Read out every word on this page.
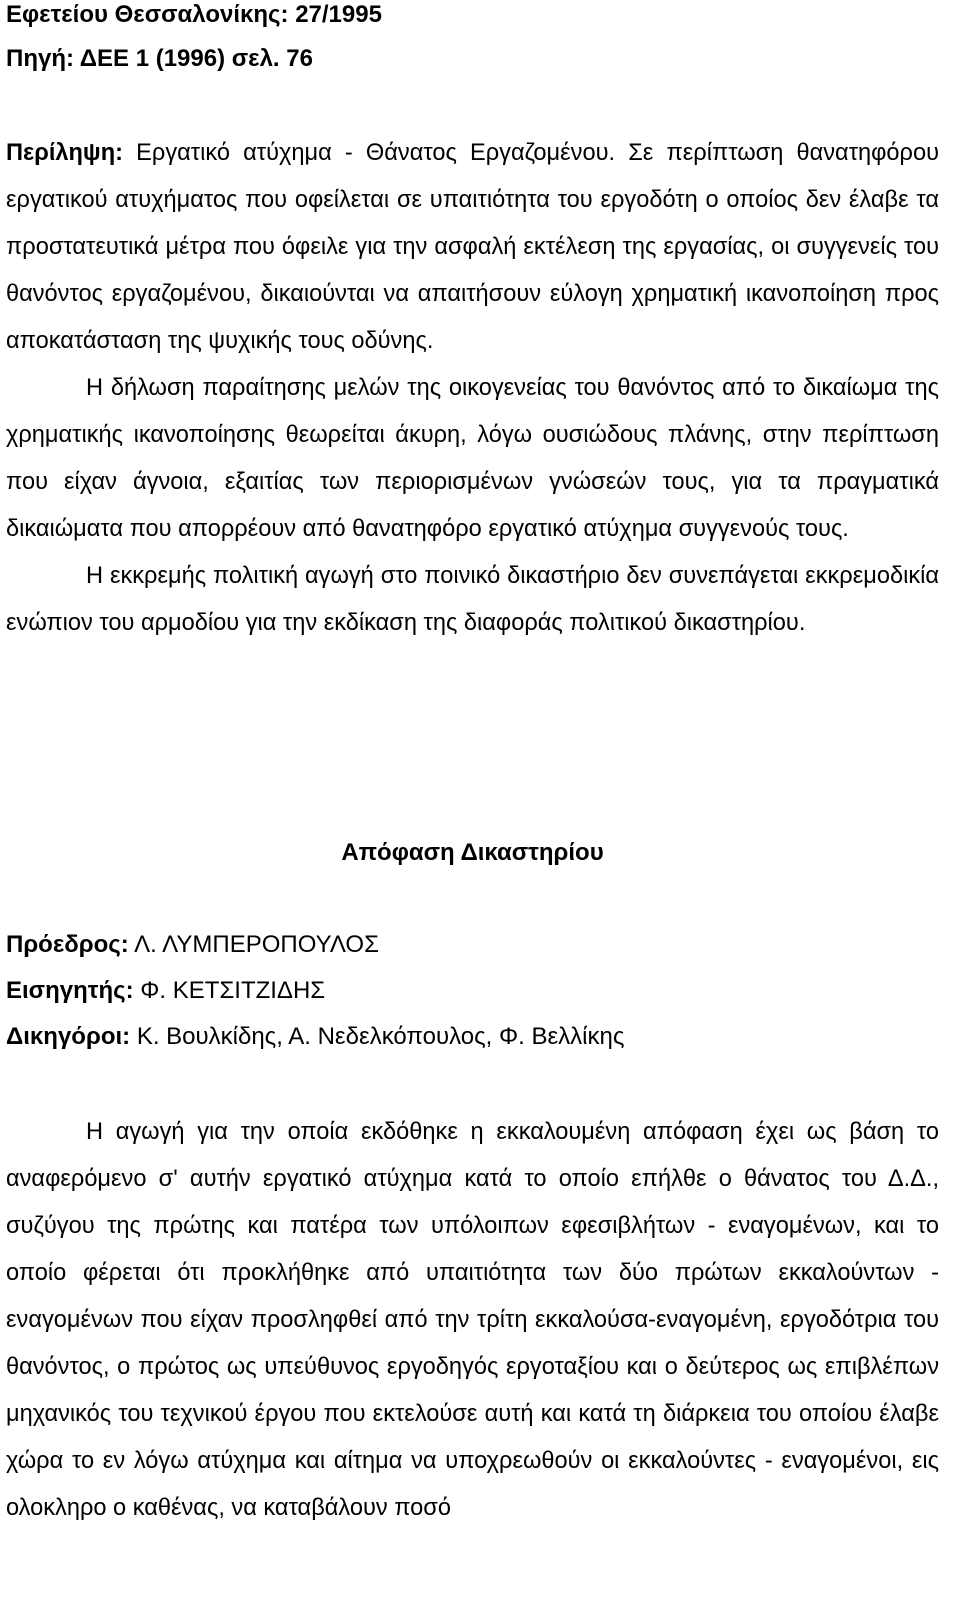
Εφετείου Θεσσαλονίκης: 27/1995
Πηγή: ΔΕΕ 1 (1996) σελ. 76

Περίληψη: Εργατικό ατύχημα - Θάνατος Εργαζομένου. Σε περίπτωση θανατηφόρου εργατικού ατυχήματος που οφείλεται σε υπαιτιότητα του εργοδότη ο οποίος δεν έλαβε τα προστατευτικά μέτρα που όφειλε για την ασφαλή εκτέλεση της εργασίας, οι συγγενείς του θανόντος εργαζομένου, δικαιούνται να απαιτήσουν εύλογη χρηματική ικανοποίηση προς αποκατάσταση της ψυχικής τους οδύνης.

Η δήλωση παραίτησης μελών της οικογενείας του θανόντος από το δικαίωμα της χρηματικής ικανοποίησης θεωρείται άκυρη, λόγω ουσιώδους πλάνης, στην περίπτωση που είχαν άγνοια, εξαιτίας των περιορισμένων γνώσεών τους, για τα πραγματικά δικαιώματα που απορρέουν από θανατηφόρο εργατικό ατύχημα συγγενούς τους.

Η εκκρεμής πολιτική αγωγή στο ποινικό δικαστήριο δεν συνεπάγεται εκκρεμοδικία ενώπιον του αρμοδίου για την εκδίκαση της διαφοράς πολιτικού δικαστηρίου.

Απόφαση Δικαστηρίου
Πρόεδρος: Λ. ΛΥΜΠΕΡΟΠΟΥΛΟΣ
Εισηγητής: Φ. ΚΕΤΣΙΤΖΙΔΗΣ
Δικηγόροι: Κ. Βουλκίδης, Α. Νεδελκόπουλος, Φ. Βελλίκης

Η αγωγή για την οποία εκδόθηκε η εκκαλουμένη απόφαση έχει ως βάση το αναφερόμενο σ' αυτήν εργατικό ατύχημα κατά το οποίο επήλθε ο θάνατος του Δ.Δ., συζύγου της πρώτης και πατέρα των υπόλοιπων εφεσιβλήτων - εναγομένων, και το οποίο φέρεται ότι προκλήθηκε από υπαιτιότητα των δύο πρώτων εκκαλούντων - εναγομένων που είχαν προσληφθεί από την τρίτη εκκαλούσα-εναγομένη, εργοδότρια του θανόντος, ο πρώτος ως υπεύθυνος εργοδηγός εργοταξίου και ο δεύτερος ως επιβλέπων μηχανικός του τεχνικού έργου που εκτελούσε αυτή και κατά τη διάρκεια του οποίου έλαβε χώρα το εν λόγω ατύχημα και αίτημα να υποχρεωθούν οι εκκαλούντες - εναγομένοι, εις ολοκληρο ο καθένας, να καταβάλουν ποσό
